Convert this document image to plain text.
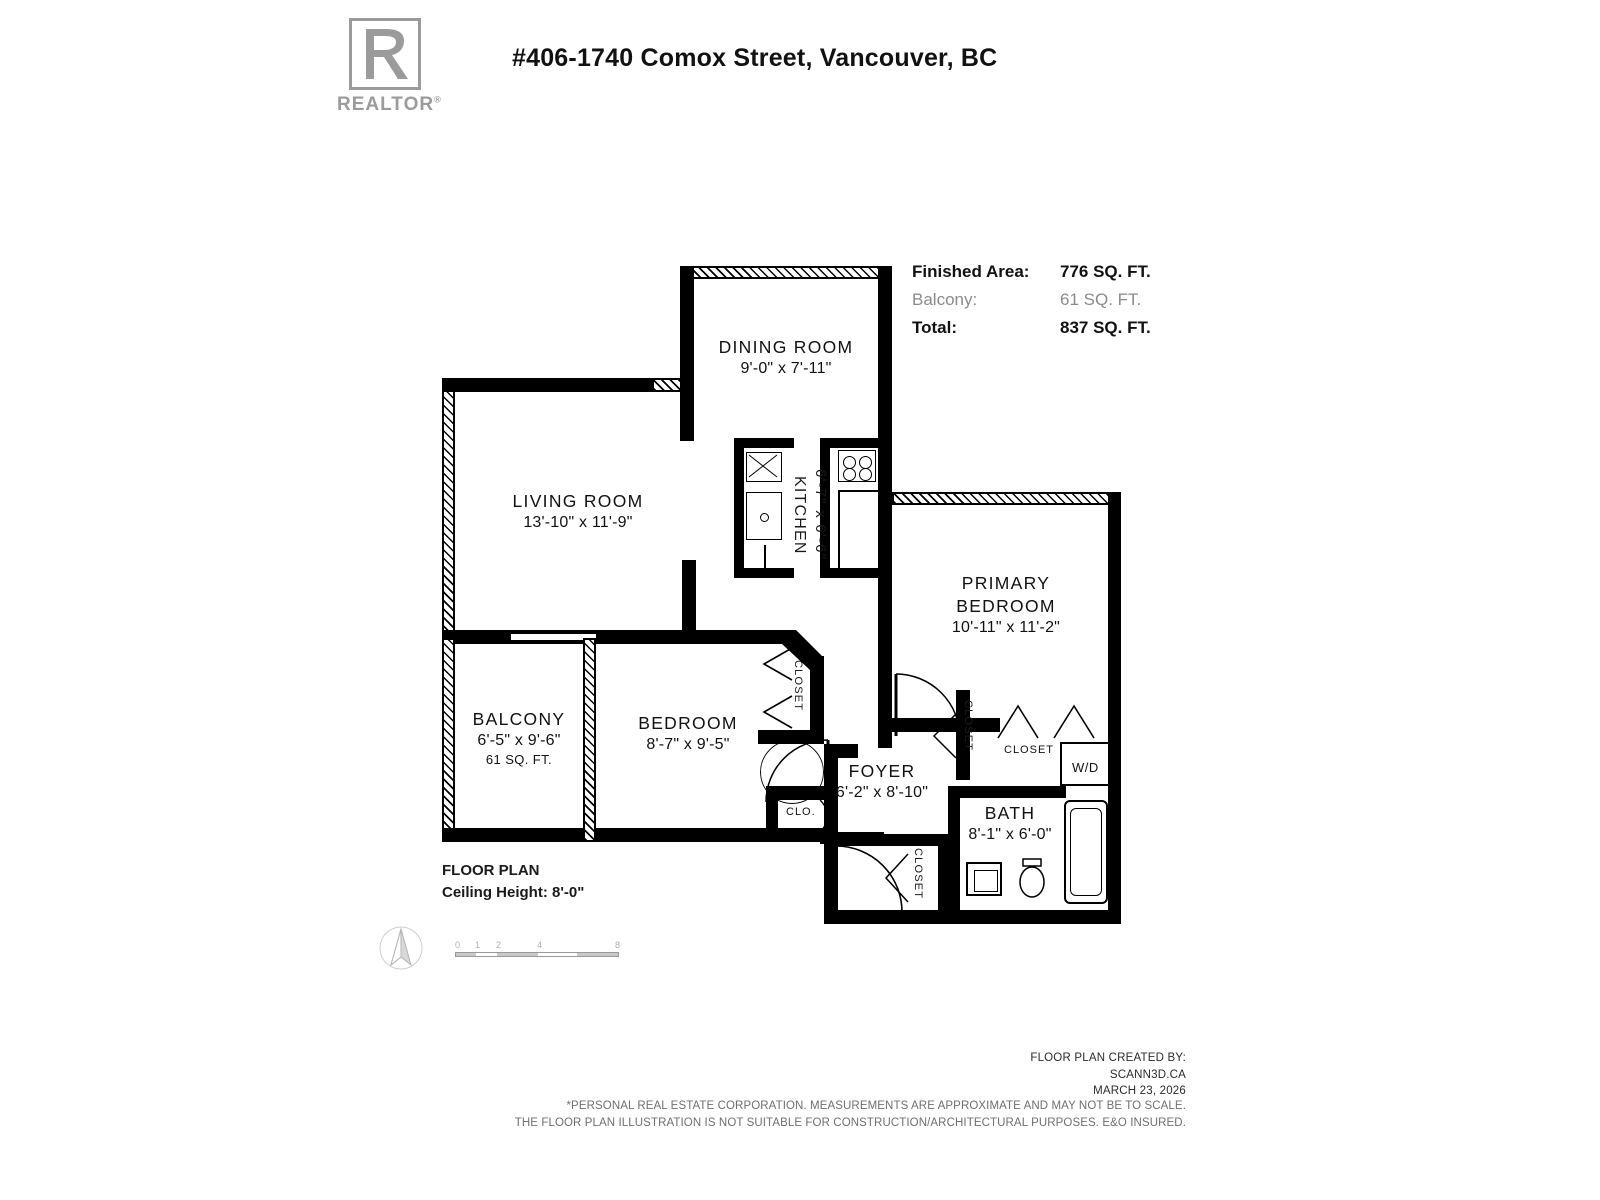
REALTOR®
#406-1740 Comox Street, Vancouver, BC
Finished Area:	776 SQ. FT.
Balcony:	61 SQ. FT.
Total:	837 SQ. FT.
DINING ROOM
9'-0" x 7'-11"
LIVING ROOM
13'-10" x 11'-9"	KITCHEN 6'-7" x 6'-6"
PRIMARY
BEDROOM
10'-11" x 11'-2"
CLOSET
W/D
BALCONY
6'-5" x 9'-6"
61 SQ. FT.
BEDROOM
8'-7" x 9'-5"
CLOSET
CLO.
FOYER
6'-2" x 8'-10"
CLOSET
CLOSET
BATH
8'-1" x 6'-0"
FLOOR PLAN
Ceiling Height: 8'-0"
0 1 2	4	8
FLOOR PLAN CREATED BY:
SCANN3D.CA
MARCH 23, 2026
*PERSONAL REAL ESTATE CORPORATION. MEASUREMENTS ARE APPROXIMATE AND MAY NOT BE TO SCALE.
THE FLOOR PLAN ILLUSTRATION IS NOT SUITABLE FOR CONSTRUCTION/ARCHITECTURAL PURPOSES. E&O INSURED.
